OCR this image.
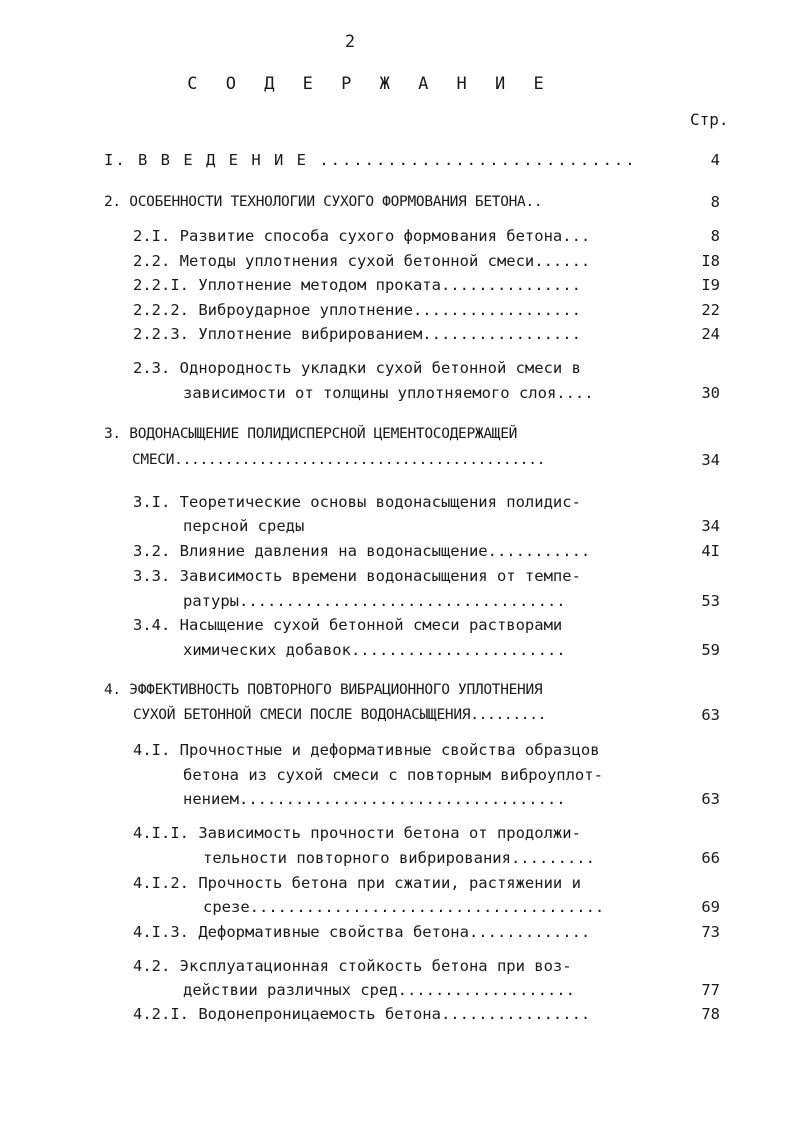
2
С О Д Е Р Ж А Н И Е
Стр.
I. В В Е Д Е Н И Е ............................	4
2. ОСОБЕННОСТИ ТЕХНОЛОГИИ СУХОГО ФОРМОВАНИЯ БЕТОНА..	8
2.I. Развитие способа сухого формования бетона...	8
2.2. Методы уплотнения сухой бетонной смеси......	I8
2.2.I. Уплотнение методом проката...............	I9
2.2.2. Виброударное уплотнение..................	22
2.2.3. Уплотнение вибрированием.................	24
2.3. Однородность укладки сухой бетонной смеси в
зависимости от толщины уплотняемого слоя....	30
3. ВОДОНАСЫЩЕНИЕ ПОЛИДИСПЕРСНОЙ ЦЕМЕНТОСОДЕРЖАЩЕЙ
СМЕСИ............................................	34
3.I. Теоретические основы водонасыщения полидис-
персной среды	34
3.2. Влияние давления на водонасыщение...........	4I
3.3. Зависимость времени водонасыщения от темпе-
ратуры...................................	53
3.4. Насыщение сухой бетонной смеси растворами
химических добавок.......................	59
4. ЭФФЕКТИВНОСТЬ ПОВТОРНОГО ВИБРАЦИОННОГО УПЛОТНЕНИЯ
СУХОЙ БЕТОННОЙ СМЕСИ ПОСЛЕ ВОДОНАСЫЩЕНИЯ.........	63
4.I. Прочностные и деформативные свойства образцов
бетона из сухой смеси с повторным виброуплот-
нением...................................	63
4.I.I. Зависимость прочности бетона от продолжи-
тельности повторного вибрирования.........	66
4.I.2. Прочность бетона при сжатии, растяжении и
срезе......................................	69
4.I.3. Деформативные свойства бетона.............	73
4.2. Эксплуатационная стойкость бетона при воз-
действии различных сред...................	77
4.2.I. Водонепроницаемость бетона................	78
